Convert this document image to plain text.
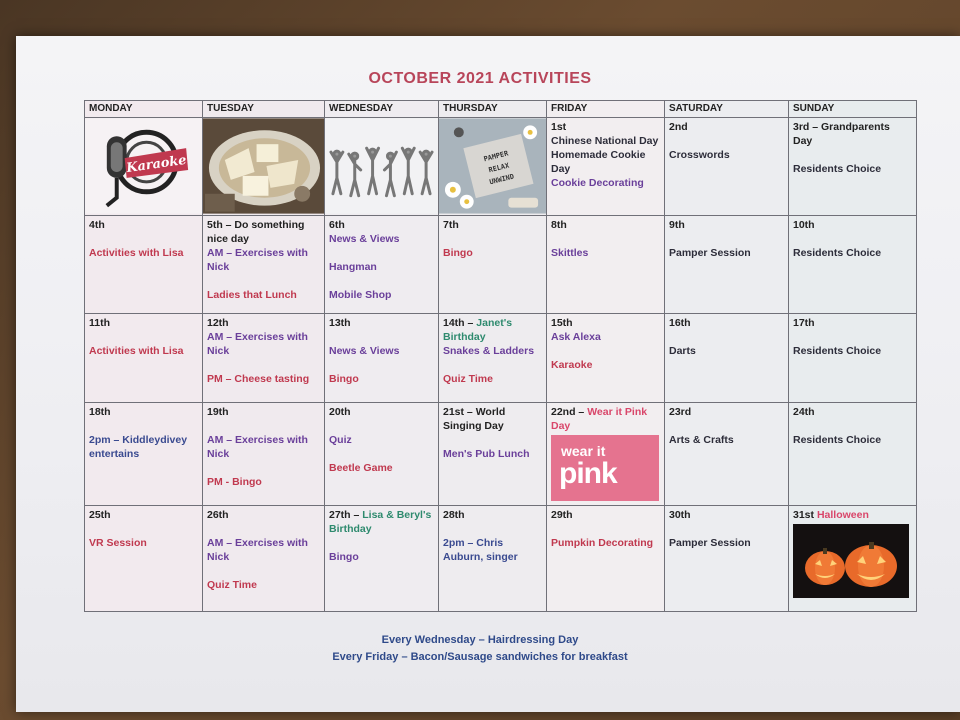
OCTOBER 2021 ACTIVITIES
MONDAY	TUESDAY	WEDNESDAY	THURSDAY	FRIDAY	SATURDAY	SUNDAY

Karaoke			PAMPER
RELAX
UNWIND	1st
Chinese National Day
Homemade Cookie Day
Cookie Decorating	2nd
Crosswords	3rd – Grandparents Day
Residents Choice

4th
Activities with Lisa	5th – Do something nice day
AM – Exercises with Nick
Ladies that Lunch	6th
News & Views
Hangman
Mobile Shop	7th
Bingo	8th
Skittles	9th
Pamper Session	10th
Residents Choice

11th
Activities with Lisa	12th
AM – Exercises with Nick
PM – Cheese tasting	13th
News & Views
Bingo	14th – Janet's Birthday
Snakes & Ladders
Quiz Time	15th
Ask Alexa
Karaoke	16th
Darts	17th
Residents Choice

18th
2pm – Kiddleydivey entertains	19th
AM – Exercises with Nick
PM - Bingo	20th
Quiz
Beetle Game	21st – World Singing Day
Men's Pub Lunch	22nd – Wear it Pink Day
wear it
pink	23rd
Arts & Crafts	24th
Residents Choice

25th
VR Session	26th
AM – Exercises with Nick
Quiz Time	27th – Lisa & Beryl's Birthday
Bingo	28th
2pm – Chris Auburn, singer	29th
Pumpkin Decorating	30th
Pamper Session	31st Halloween
Every Wednesday – Hairdressing Day
Every Friday – Bacon/Sausage sandwiches for breakfast
